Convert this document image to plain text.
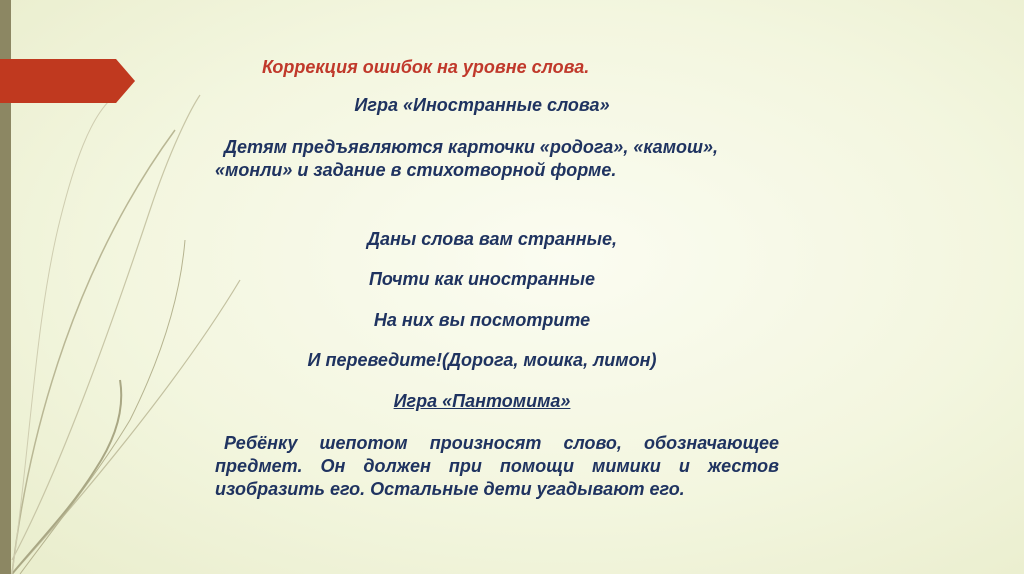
Коррекция ошибок на уровне слова.
Игра «Иностранные слова»
Детям предъявляются карточки «родога», «камош», «монли» и задание в стихотворной форме.
Даны слова вам странные,
Почти как иностранные
На них вы посмотрите
И переведите!(Дорога, мошка, лимон)
Игра «Пантомима»
Ребёнку шепотом произносят слово, обозначающее предмет. Он должен при помощи мимики и жестов изобразить его. Остальные дети угадывают его.
